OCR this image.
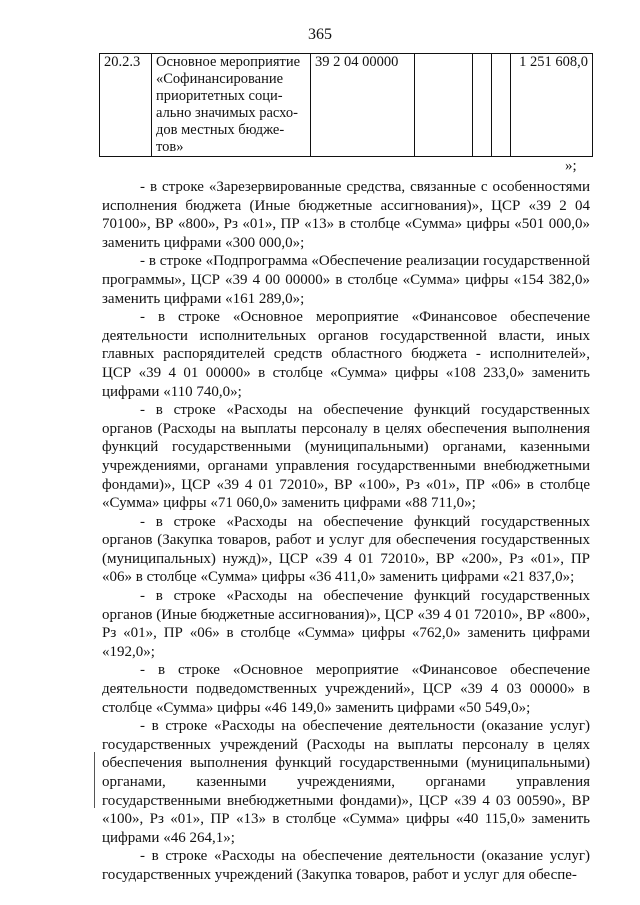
365
20.2.3	Основное мероприятие
«Софинансирование
приоритетных соци-
ально значимых расхо-
дов местных бюдже-
тов»	39 2 04 00000				1 251 608,0
»;

- в строке «Зарезервированные средства, связанные с особенностями исполнения бюджета (Иные бюджетные ассигнования)», ЦСР «39 2 04 70100», ВР «800», Рз «01», ПР «13» в столбце «Сумма» цифры «501 000,0» заменить цифрами «300 000,0»;

- в строке «Подпрограмма «Обеспечение реализации государственной программы», ЦСР «39 4 00 00000» в столбце «Сумма» цифры «154 382,0» заменить цифрами «161 289,0»;

- в строке «Основное мероприятие «Финансовое обеспечение деятельности исполнительных органов государственной власти, иных главных распорядителей средств областного бюджета - исполнителей», ЦСР «39 4 01 00000» в столбце «Сумма» цифры «108 233,0» заменить цифрами «110 740,0»;

- в строке «Расходы на обеспечение функций государственных органов (Расходы на выплаты персоналу в целях обеспечения выполнения функций государственными (муниципальными) органами, казенными учреждениями, органами управления государственными внебюджетными фондами)», ЦСР «39 4 01 72010», ВР «100», Рз «01», ПР «06» в столбце «Сумма» цифры «71 060,0» заменить цифрами «88 711,0»;

- в строке «Расходы на обеспечение функций государственных органов (Закупка товаров, работ и услуг для обеспечения государственных (муниципальных) нужд)», ЦСР «39 4 01 72010», ВР «200», Рз «01», ПР «06» в столбце «Сумма» цифры «36 411,0» заменить цифрами «21 837,0»;

- в строке «Расходы на обеспечение функций государственных органов (Иные бюджетные ассигнования)», ЦСР «39 4 01 72010», ВР «800», Рз «01», ПР «06» в столбце «Сумма» цифры «762,0» заменить цифрами «192,0»;

- в строке «Основное мероприятие «Финансовое обеспечение деятельности подведомственных учреждений», ЦСР «39 4 03 00000» в столбце «Сумма» цифры «46 149,0» заменить цифрами «50 549,0»;

- в строке «Расходы на обеспечение деятельности (оказание услуг) государственных учреждений (Расходы на выплаты персоналу в целях обеспечения выполнения функций государственными (муниципальными) органами, казенными учреждениями, органами управления государственными внебюджетными фондами)», ЦСР «39 4 03 00590», ВР «100», Рз «01», ПР «13» в столбце «Сумма» цифры «40 115,0» заменить цифрами «46 264,1»;

- в строке «Расходы на обеспечение деятельности (оказание услуг) государственных учреждений (Закупка товаров, работ и услуг для обеспе-
